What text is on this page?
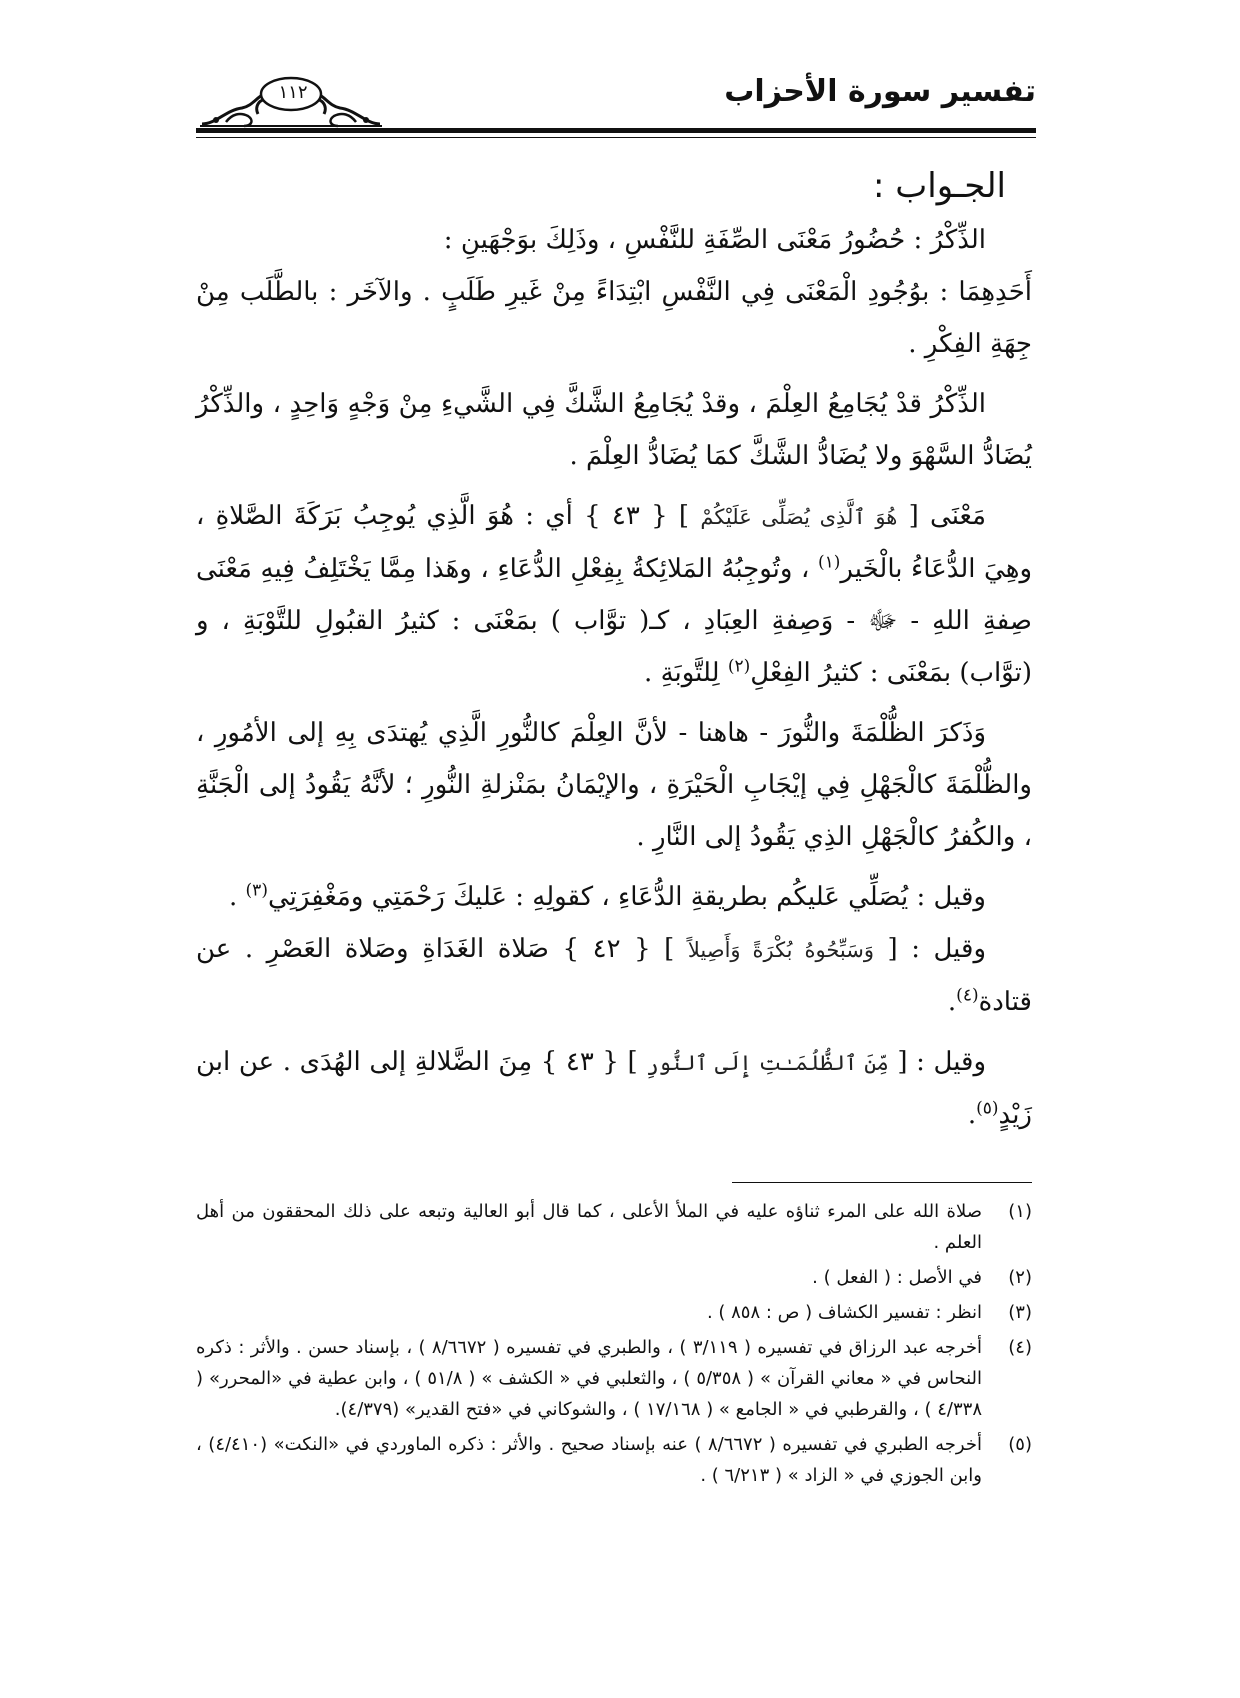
تفسير سورة الأحزاب
١١٢
الجـواب :

الذِّكْرُ : حُضُورُ مَعْنَى الصِّفَةِ للنَّفْسِ ، وذَلِكَ بوَجْهَينِ :

أَحَدِهِمَا : بوُجُودِ الْمَعْنَى فِي النَّفْسِ ابْتِدَاءً مِنْ غَيرِ طَلَبٍ . والآخَر : بالطَّلَب مِنْ جِهَةِ الفِكْرِ .

الذِّكْرُ قدْ يُجَامِعُ العِلْمَ ، وقدْ يُجَامِعُ الشَّكَّ فِي الشَّيءِ مِنْ وَجْهٍ وَاحِدٍ ، والذِّكْرُ يُضَادُّ السَّهْوَ ولا يُضَادُّ الشَّكَّ كمَا يُضَادُّ العِلْمَ .

مَعْنَى [ هُوَ ٱلَّذِى يُصَلِّى عَلَيْكُمْ ] { ٤٣ } أي : هُوَ الَّذِي يُوجِبُ بَرَكَةَ الصَّلاةِ ، وهِيَ الدُّعَاءُ بالْخَير$^{(١)}$ ، وتُوجِبُهُ المَلائِكةُ بِفِعْلِ الدُّعَاءِ ، وهَذا مِمَّا يَخْتَلِفُ فِيهِ مَعْنَى صِفةِ اللهِ - ﷻ - وَصِفةِ العِبَادِ ، كـ( توَّاب ) بمَعْنَى : كثيرُ القبُولِ للتَّوْبَةِ ، و (توَّاب) بمَعْنَى : كثيرُ الفِعْلِ$^{(٢)}$ لِلتَّوبَةِ .

وَذَكرَ الظُّلْمَةَ والنُّورَ - هاهنا - لأنَّ العِلْمَ كالنُّورِ الَّذِي يُهتدَى بِهِ إلى الأمُورِ ، والظُّلْمَةَ كالْجَهْلِ فِي إيْجَابِ الْحَيْرَةِ ، والإيْمَانُ بمَنْزلةِ النُّورِ ؛ لأنَّهُ يَقُودُ إلى الْجَنَّةِ ، والكُفرُ كالْجَهْلِ الذِي يَقُودُ إلى النَّارِ .

وقيل : يُصَلِّي عَليكُم بطريقةِ الدُّعَاءِ ، كقولِهِ : عَليكَ رَحْمَتِي ومَغْفِرَتِي$^{(٣)}$ .

وقيل : [ وَسَبِّحُوهُ بُكْرَةً وَأَصِيلاً ] { ٤٢ } صَلاة الغَدَاةِ وصَلاة العَصْرِ . عن قتادة$^{(٤)}$.

وقيل : [ مِّنَ ٱلظُّلُمَـٰتِ إِلَى ٱلنُّورِ ] { ٤٣ } مِنَ الضَّلالةِ إلى الهُدَى . عن ابن زَيْدٍ$^{(٥)}$.

(١)
صلاة الله على المرء ثناؤه عليه في الملأ الأعلى ، كما قال أبو العالية وتبعه على ذلك المحققون من أهل العلم .
(٢)
في الأصل : ( الفعل ) .
(٣)
انظر : تفسير الكشاف ( ص : ٨٥٨ ) .
(٤)
أخرجه عبد الرزاق في تفسيره ( ٣/١١٩ ) ، والطبري في تفسيره ( ٨/٦٦٧٢ ) ، بإسناد حسن . والأثر : ذكره النحاس في « معاني القرآن » ( ٥/٣٥٨ ) ، والثعلبي في « الكشف » ( ٥١/٨ ) ، وابن عطية في «المحرر» ( ٤/٣٣٨ ) ، والقرطبي في « الجامع » ( ١٧/١٦٨ ) ، والشوكاني في «فتح القدير» (٤/٣٧٩).
(٥)
أخرجه الطبري في تفسيره ( ٨/٦٦٧٢ ) عنه بإسناد صحيح . والأثر : ذكره الماوردي في «النكت» (٤/٤١٠) ، وابن الجوزي في « الزاد » ( ٦/٢١٣ ) .
